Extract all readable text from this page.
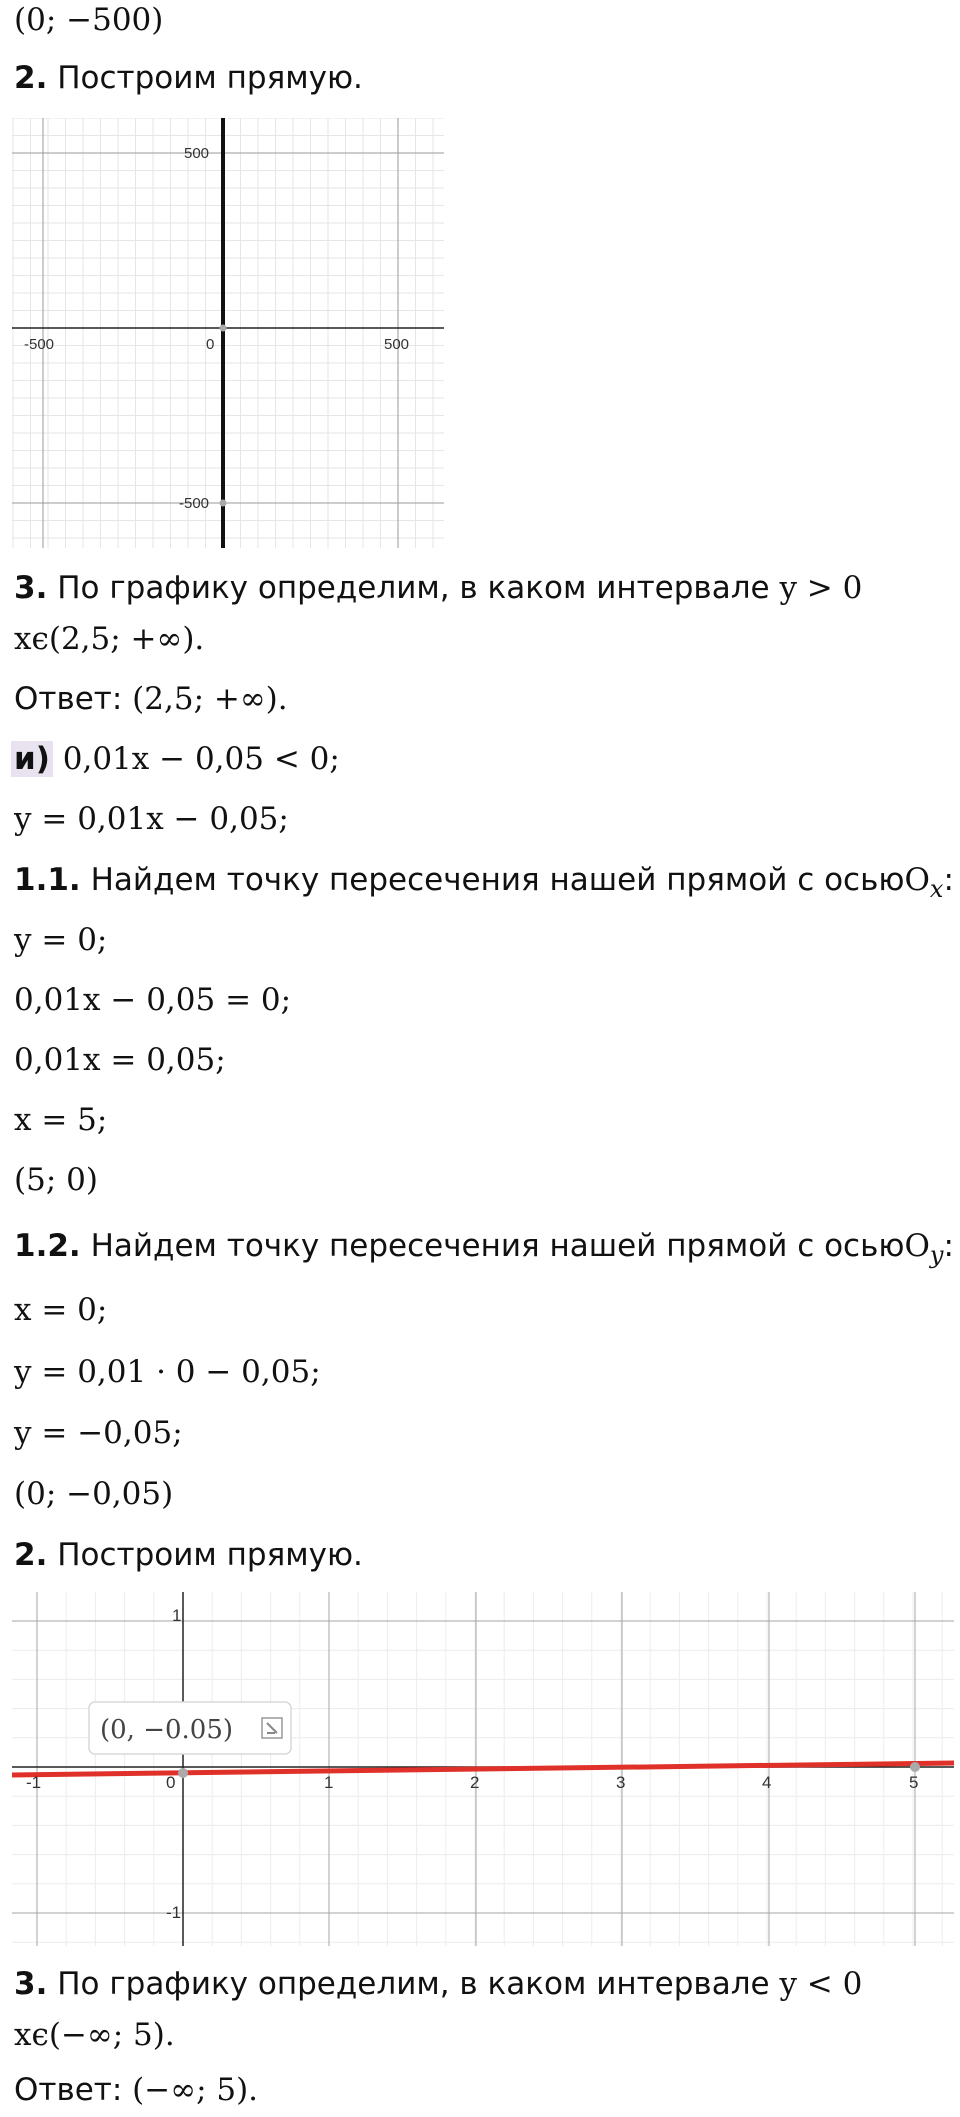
(0; −500)
2. Построим прямую.
500
-500
-500	0	500
3. По графику определим, в каком интервале y > 0
xϵ(2,5; +∞).
Ответ: (2,5; +∞).
и) 0,01x − 0,05 < 0;
y = 0,01x − 0,05;
1.1. Найдем точку пересечения нашей прямой с осьюO$_x$:
y = 0;
0,01x − 0,05 = 0;
0,01x = 0,05;
x = 5;
(5; 0)
1.2. Найдем точку пересечения нашей прямой с осьюO$_y$:
x = 0;
y = 0,01 · 0 − 0,05;
y = −0,05;
(0; −0,05)
2. Построим прямую.
1
-1
-1	0	1	2	3	4	5
(0, −0.05)
3. По графику определим, в каком интервале y < 0
xϵ(−∞; 5).
Ответ: (−∞; 5).
